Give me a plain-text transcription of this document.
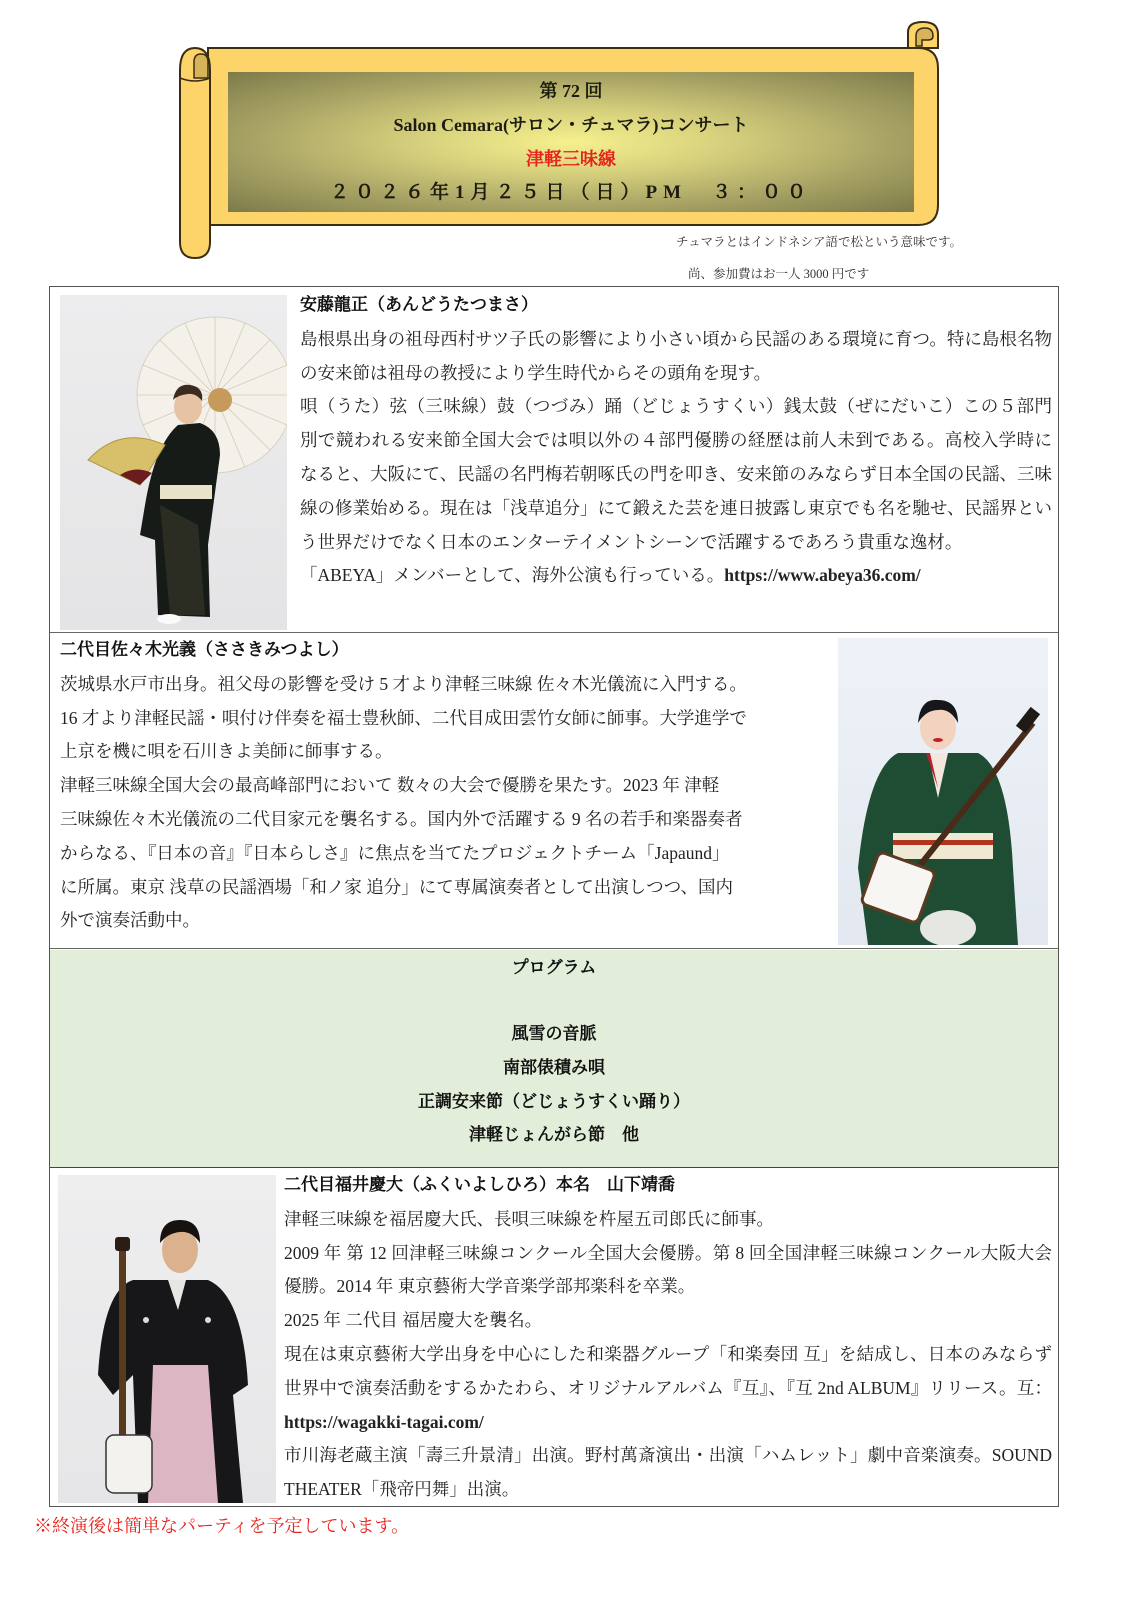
第 72 回
Salon Cemara(サロン・チュマラ)コンサート
津軽三味線
２０２６年1月２５日（日）PM　３：００
チュマラとはインドネシア語で松という意味です。
尚、参加費はお一人 3000 円です

安藤龍正（あんどうたつまさ）

島根県出身の祖母西村サツ子氏の影響により小さい頃から民謡のある環境に育つ。特に島根名物の安来節は祖母の教授により学生時代からその頭角を現す。

唄（うた）弦（三味線）鼓（つづみ）踊（どじょうすくい）銭太鼓（ぜにだいこ）この５部門別で競われる安来節全国大会では唄以外の４部門優勝の経歴は前人未到である。高校入学時になると、大阪にて、民謡の名門梅若朝啄氏の門を叩き、安来節のみならず日本全国の民謡、三味線の修業始める。現在は「浅草追分」にて鍛えた芸を連日披露し東京でも名を馳せ、民謡界という世界だけでなく日本のエンターテイメントシーンで活躍するであろう貴重な逸材。

「ABEYA」メンバーとして、海外公演も行っている。https://www.abeya36.com/

二代目佐々木光義（ささきみつよし）

茨城県水戸市出身。祖父母の影響を受け 5 才より津軽三味線 佐々木光儀流に入門する。

16 才より津軽民謡・唄付け伴奏を福士豊秋師、二代目成田雲竹女師に師事。大学進学で

上京を機に唄を石川きよ美師に師事する。

津軽三味線全国大会の最高峰部門において 数々の大会で優勝を果たす。2023 年 津軽

三味線佐々木光儀流の二代目家元を襲名する。国内外で活躍する 9 名の若手和楽器奏者

からなる、『日本の音』『日本らしさ』に焦点を当てたプロジェクトチーム「Japaund」

に所属。東京 浅草の民謡酒場「和ノ家 追分」にて専属演奏者として出演しつつ、国内

外で演奏活動中。

プログラム
風雪の音脈
南部俵積み唄
正調安来節（どじょうすくい踊り）
津軽じょんがら節　他

二代目福井慶大（ふくいよしひろ）本名　山下靖喬

津軽三味線を福居慶大氏、長唄三味線を杵屋五司郎氏に師事。

2009 年 第 12 回津軽三味線コンクール全国大会優勝。第 8 回全国津軽三味線コンクール大阪大会優勝。2014 年 東京藝術大学音楽学部邦楽科を卒業。

2025 年 二代目 福居慶大を襲名。

現在は東京藝術大学出身を中心にした和楽器グループ「和楽奏団 互」を結成し、日本のみならず世界中で演奏活動をするかたわら、オリジナルアルバム『互』、『互 2nd ALBUM』リリース。互：https://wagakki-tagai.com/

市川海老蔵主演「壽三升景清」出演。野村萬斎演出・出演「ハムレット」劇中音楽演奏。SOUND THEATER「飛帝円舞」出演。

※終演後は簡単なパーティを予定しています。
